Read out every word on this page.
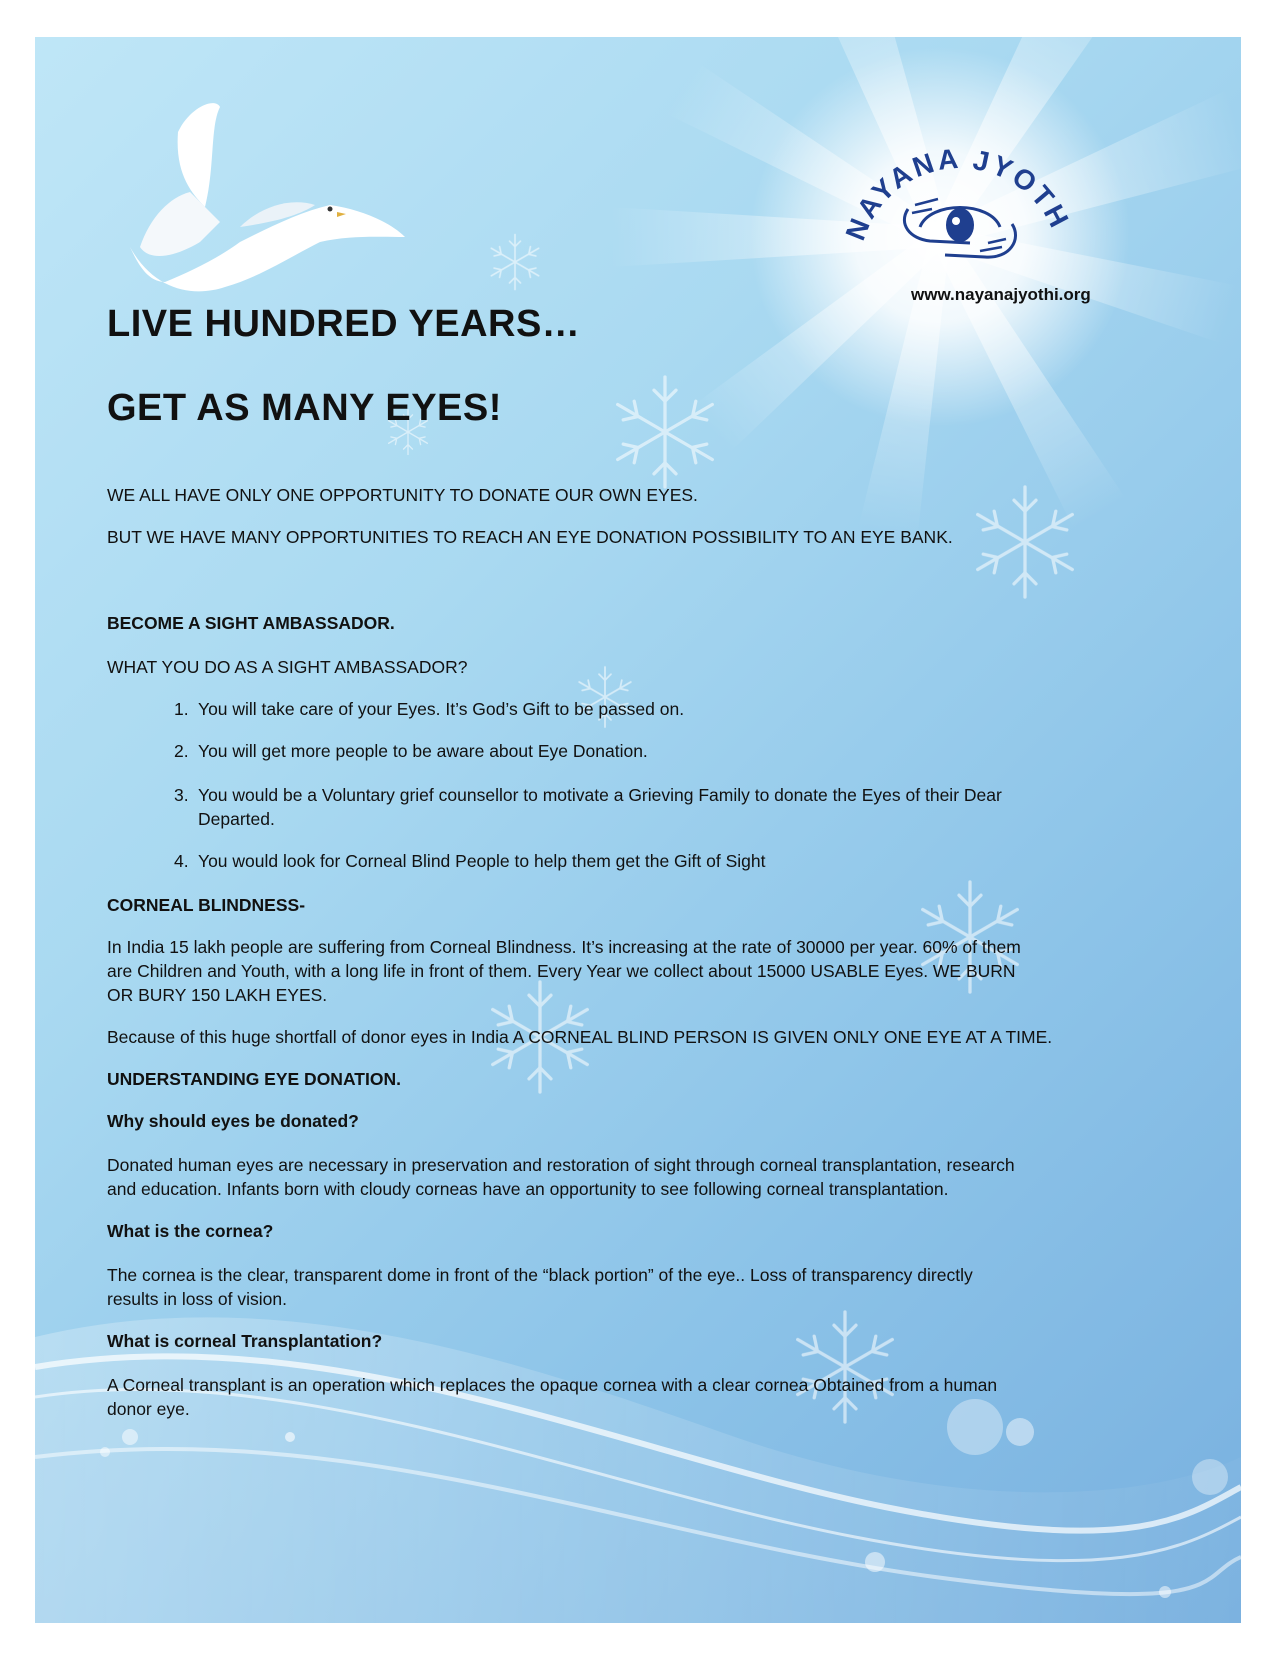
NAYANA JYOTH
www.nayanajyothi.org
LIVE HUNDRED YEARS…
GET AS MANY EYES!

WE ALL HAVE ONLY ONE OPPORTUNITY TO DONATE OUR OWN EYES.

BUT WE HAVE MANY OPPORTUNITIES TO REACH AN EYE DONATION POSSIBILITY TO AN EYE BANK.

BECOME A SIGHT AMBASSADOR.

WHAT YOU DO AS A SIGHT AMBASSADOR?

1. You will take care of your Eyes. It’s God’s Gift to be passed on.
2. You will get more people to be aware about Eye Donation.
3. You would be a Voluntary grief counsellor to motivate a Grieving Family to donate the Eyes of their Dear
Departed.
4. You would look for Corneal Blind People to help them get the Gift of Sight

CORNEAL BLINDNESS-

In India 15 lakh people are suffering from Corneal Blindness. It’s increasing at the rate of 30000 per year. 60% of them

are Children and Youth, with a long life in front of them. Every Year we collect about 15000 USABLE Eyes. WE BURN

OR BURY 150 LAKH EYES.

Because of this huge shortfall of donor eyes in India A CORNEAL BLIND PERSON IS GIVEN ONLY ONE EYE AT A TIME.

UNDERSTANDING EYE DONATION.

Why should eyes be donated?

Donated human eyes are necessary in preservation and restoration of sight through corneal transplantation, research

and education. Infants born with cloudy corneas have an opportunity to see following corneal transplantation.

What is the cornea?

The cornea is the clear, transparent dome in front of the “black portion” of the eye.. Loss of transparency directly

results in loss of vision.

What is corneal Transplantation?

A Corneal transplant is an operation which replaces the opaque cornea with a clear cornea Obtained from a human

donor eye.
